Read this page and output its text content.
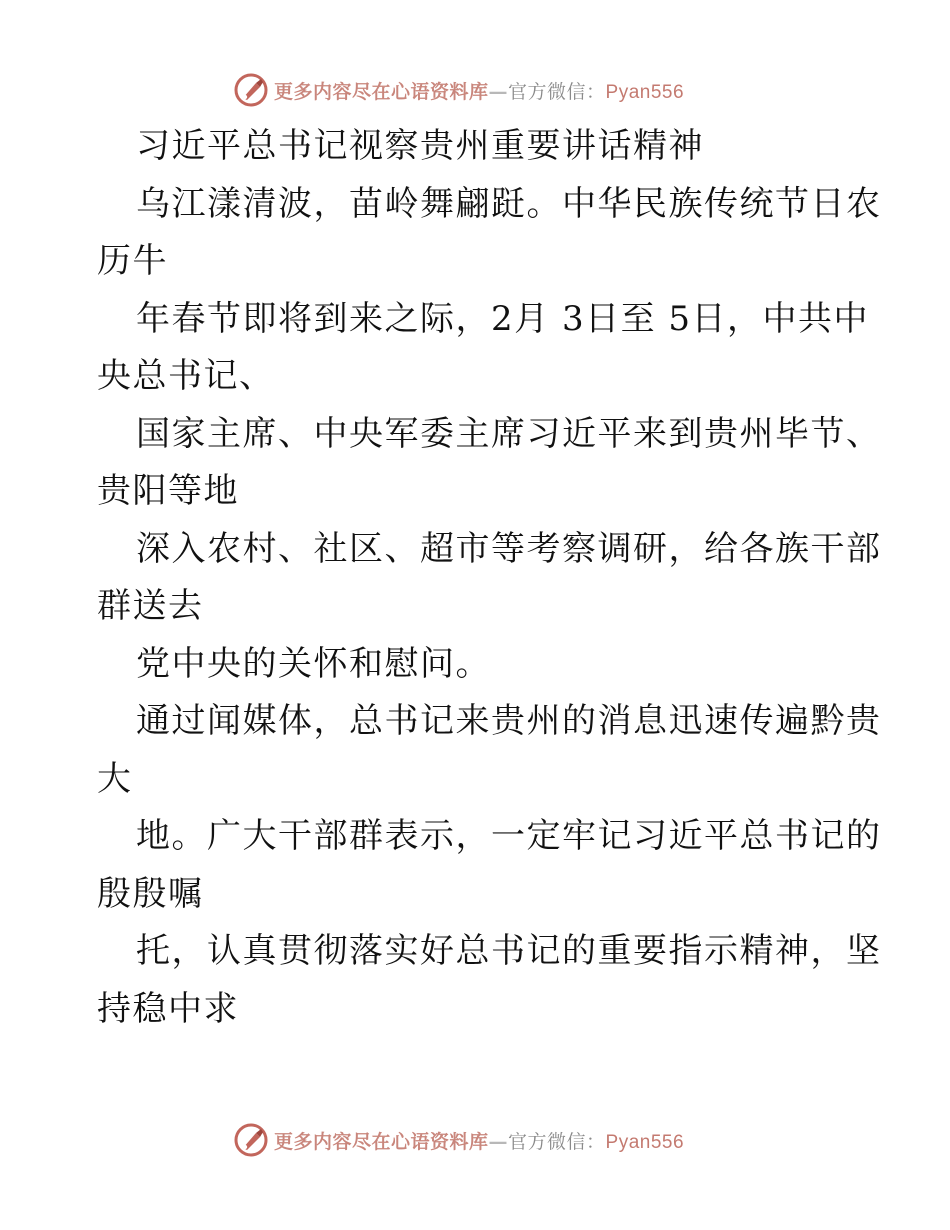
更多内容尽在心语资料库—官方微信：Pyan556
习近平总书记视察贵州重要讲话精神
乌江漾清波，苗岭舞翩跹。中华民族传统节日农
历牛
年春节即将到来之际，2月 3日至 5日，中共中
央总书记、
国家主席、中央军委主席习近平来到贵州毕节、
贵阳等地
深入农村、社区、超市等考察调研，给各族干部
群送去
党中央的关怀和慰问。
通过闻媒体，总书记来贵州的消息迅速传遍黔贵
大
地。广大干部群表示，一定牢记习近平总书记的
殷殷嘱
托，认真贯彻落实好总书记的重要指示精神，坚
持稳中求
更多内容尽在心语资料库—官方微信：Pyan556
